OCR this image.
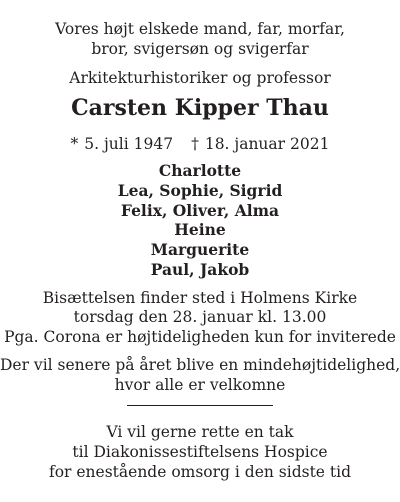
Vores højt elskede mand, far, morfar,
bror, svigersøn og svigerfar
Arkitekturhistoriker og professor
Carsten Kipper Thau
* 5. juli 1947 † 18. januar 2021
Charlotte
Lea, Sophie, Sigrid
Felix, Oliver, Alma
Heine
Marguerite
Paul, Jakob
Bisættelsen finder sted i Holmens Kirke
torsdag den 28. januar kl. 13.00
Pga. Corona er højtideligheden kun for inviterede
Der vil senere på året blive en mindehøjtidelighed,
hvor alle er velkomne
Vi vil gerne rette en tak
til Diakonissestiftelsens Hospice
for enestående omsorg i den sidste tid
